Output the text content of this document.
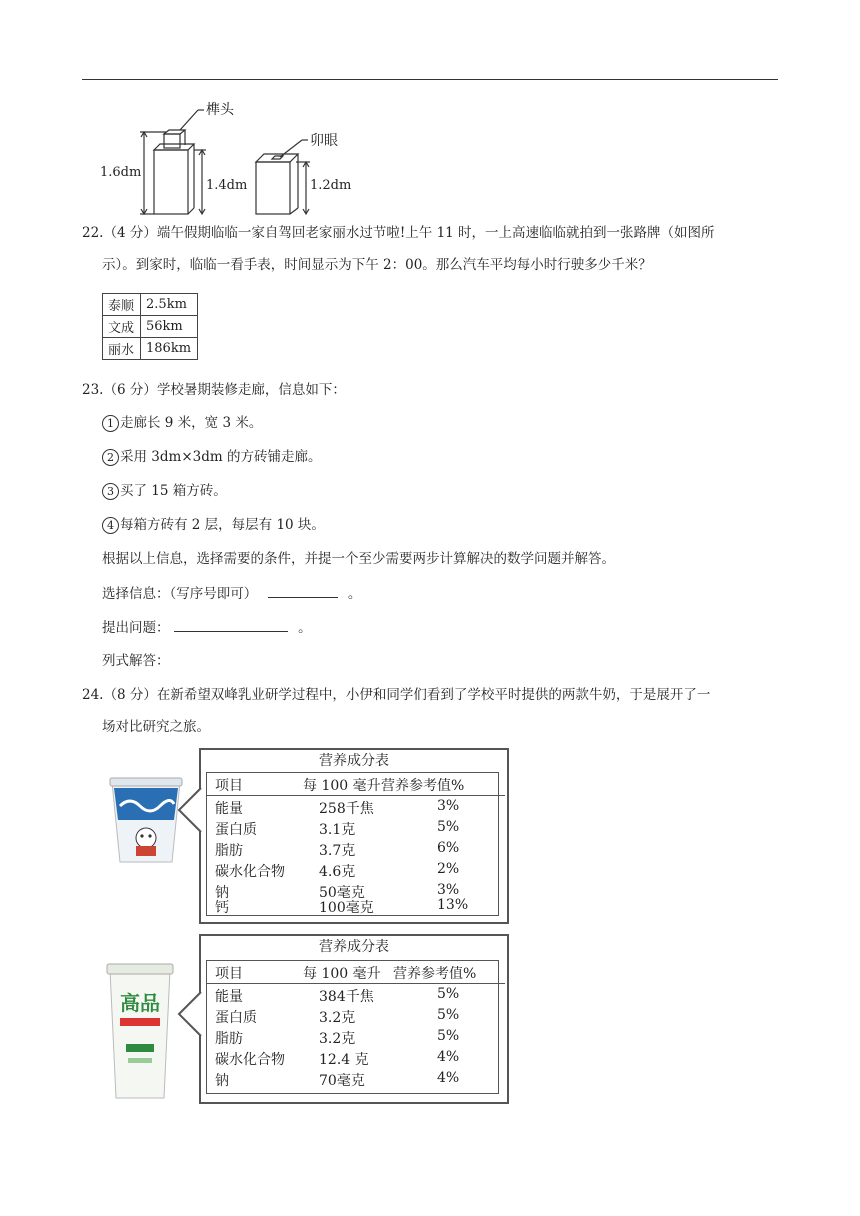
榫头
卯眼
1.6dm
1.4dm	1.2dm
22.（4 分）端午假期临临一家自驾回老家丽水过节啦!上午 11 时，一上高速临临就拍到一张路牌（如图所
示）。到家时，临临一看手表，时间显示为下午 2：00。那么汽车平均每小时行驶多少千米？
泰顺	2.5km
文成	56km
丽水	186km
23.（6 分）学校暑期装修走廊，信息如下：
1 走廊长 9 米，宽 3 米。
2 采用 3dm×3dm 的方砖铺走廊。
3 买了 15 箱方砖。
4 每箱方砖有 2 层，每层有 10 块。
根据以上信息，选择需要的条件，并提一个至少需要两步计算解决的数学问题并解答。
选择信息：（写序号即可）	。
提出问题：	。
列式解答：
24.（8 分）在新希望双峰乳业研学过程中，小伊和同学们看到了学校平时提供的两款牛奶，于是展开了一
场对比研究之旅。
高品
营养成分表
项目	每 100 毫升 营养参考值%
能量	258千焦	3%
蛋白质	3.1克	5%
脂肪	3.7克	6%
碳水化合物 4.6克	2%
钠	50毫克	3%
钙	100毫克	13%
营养成分表
项目	每 100 毫升 营养参考值%
能量	384千焦	5%
蛋白质	3.2克	5%
脂肪	3.2克	5%
碳水化合物 12.4 克	4%
钠	70毫克	4%
